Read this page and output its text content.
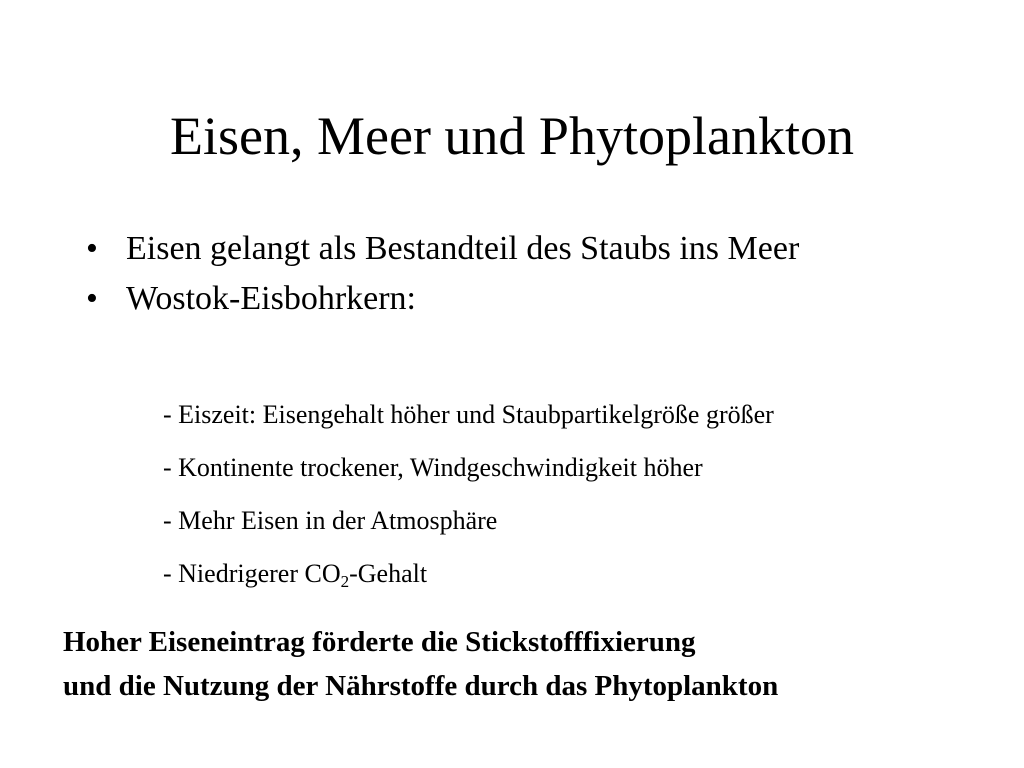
Eisen, Meer und Phytoplankton
• Eisen gelangt als Bestandteil des Staubs ins Meer
• Wostok-Eisbohrkern:
- Eiszeit: Eisengehalt höher und Staubpartikelgröße größer
- Kontinente trockener, Windgeschwindigkeit höher
- Mehr Eisen in der Atmosphäre
- Niedrigerer $CO_2$-Gehalt

Hoher Eiseneintrag förderte die Stickstofffixierung
und die Nutzung der Nährstoffe durch das Phytoplankton
